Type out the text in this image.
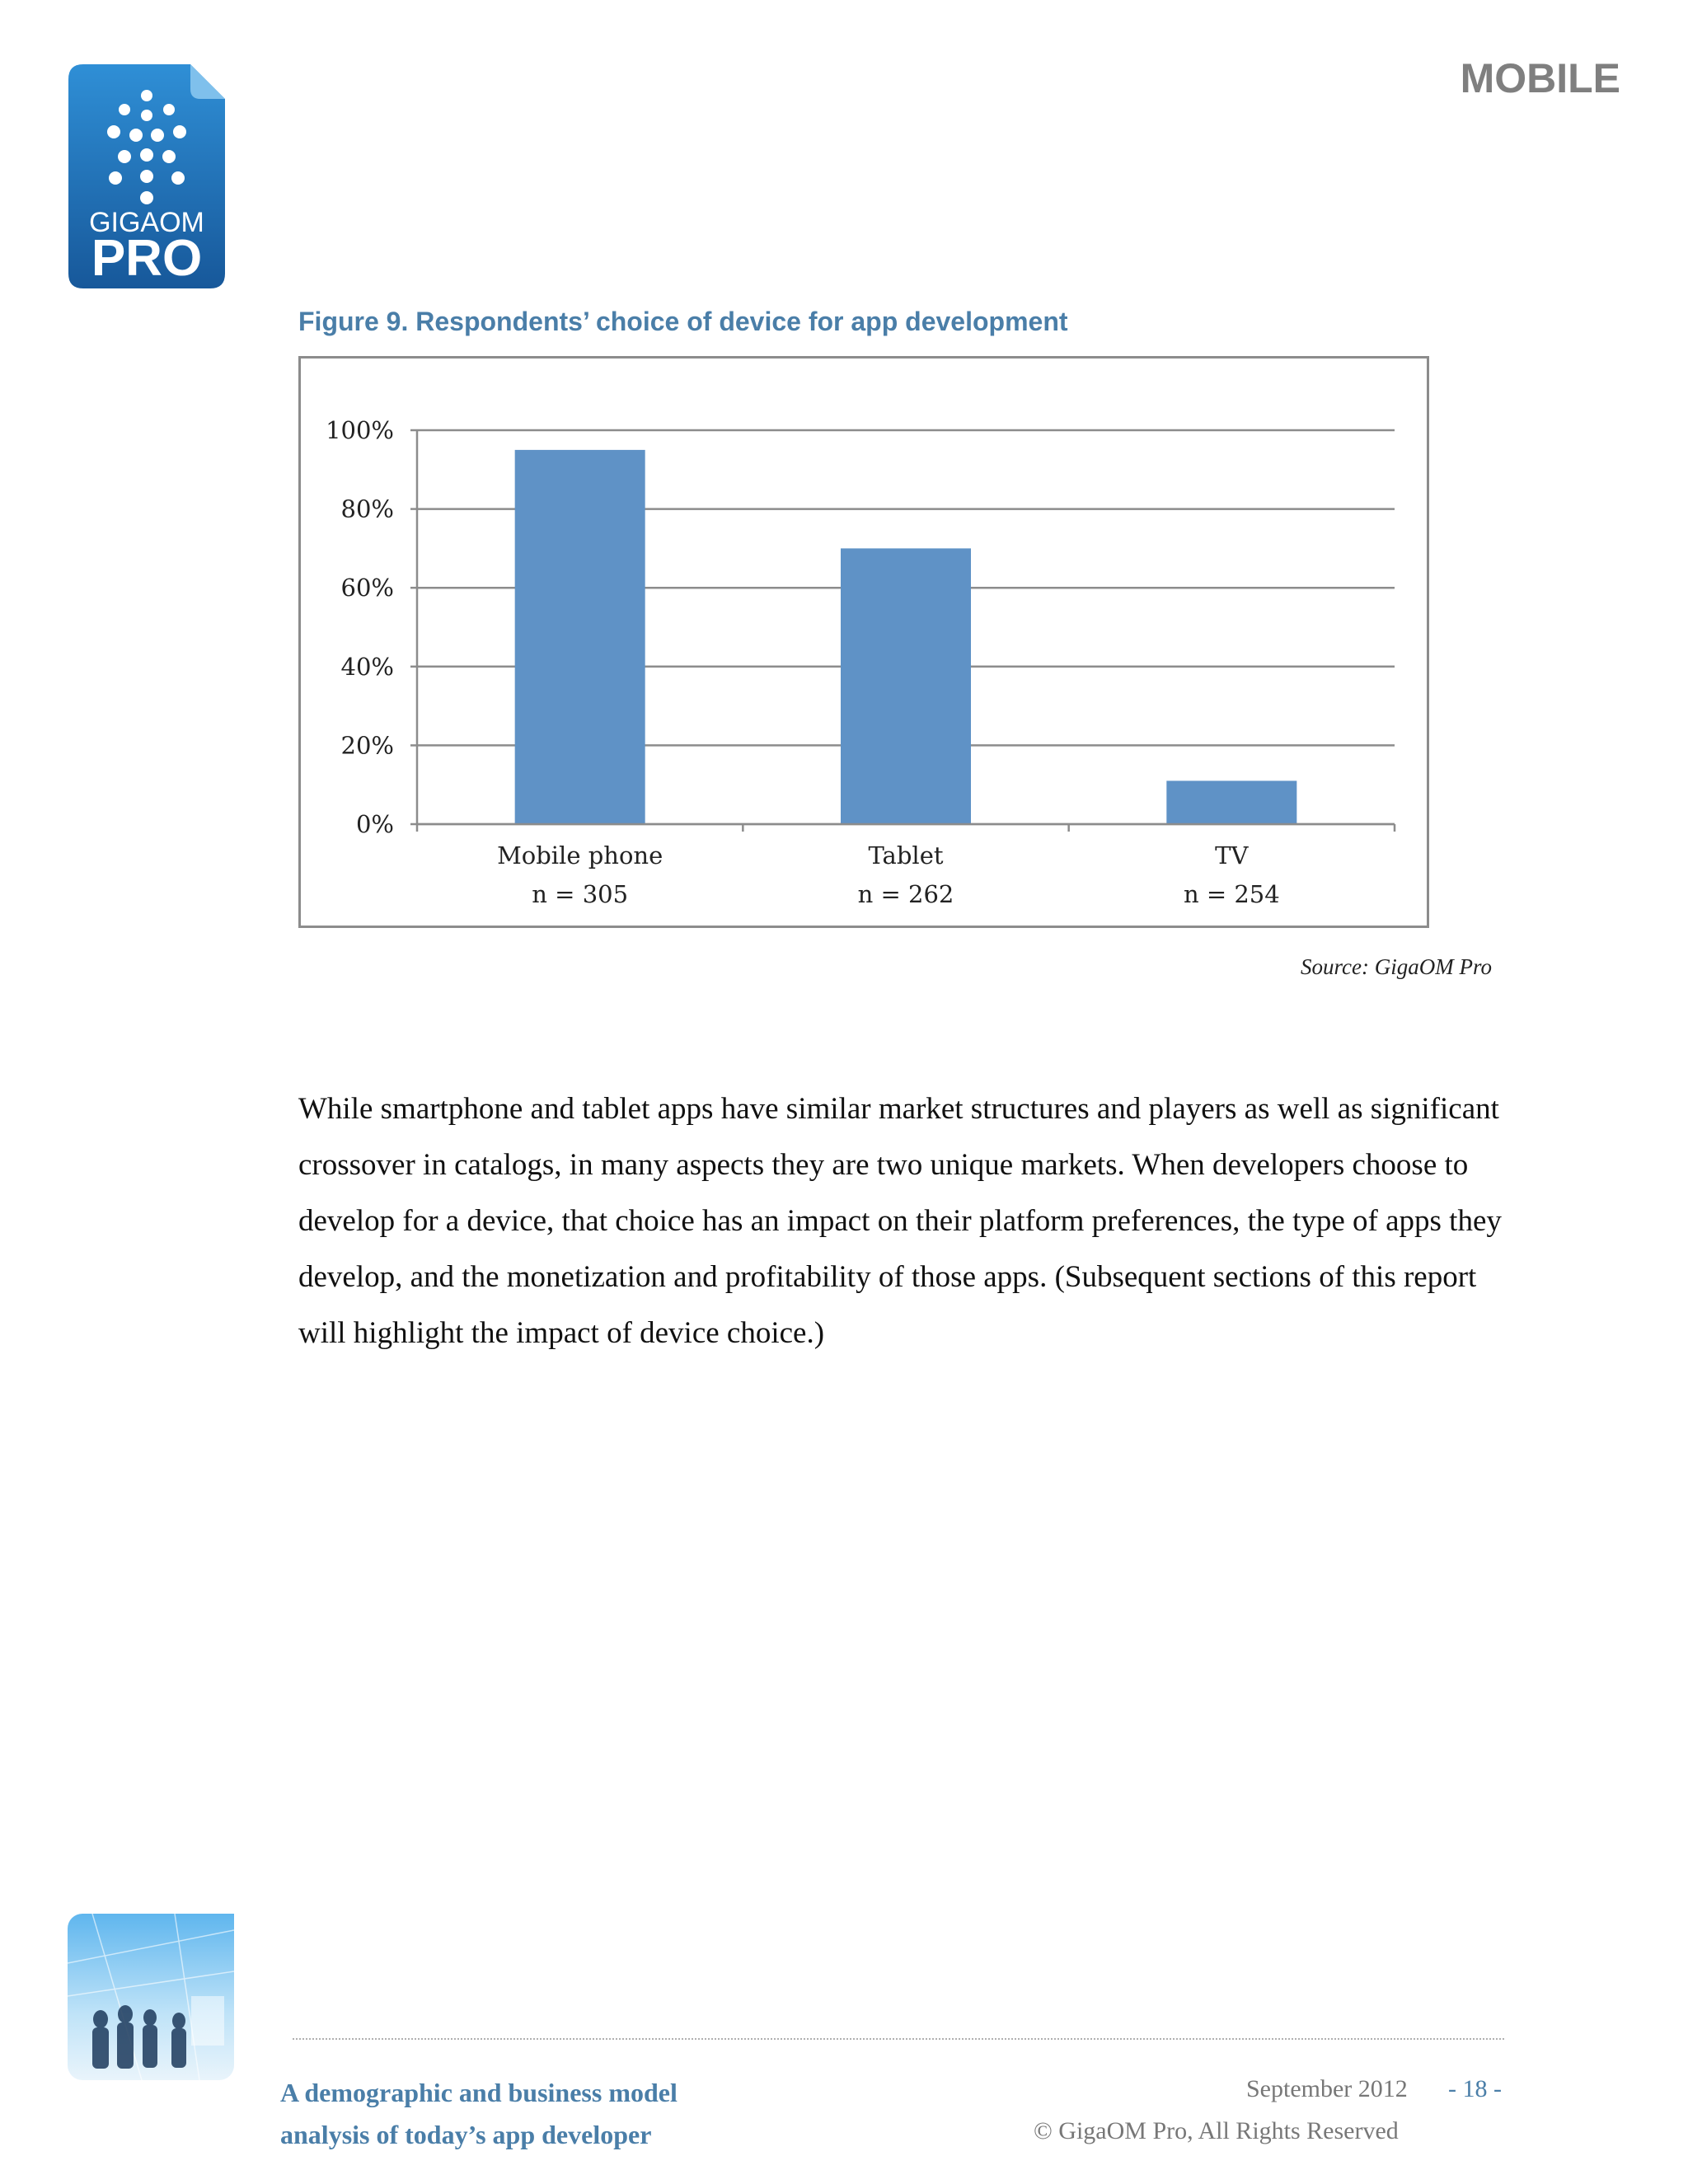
GIGAOM
PRO
MOBILE
Figure 9. Respondents’ choice of device for app development
0%
20%
40%
60%
80%
100%
Mobile phone
n = 305
Tablet
n = 262
TV
n = 254
Source: GigaOM Pro
While smartphone and tablet apps have similar market structures and players as well as significant crossover in catalogs, in many aspects they are two unique markets. When developers choose to develop for a device, that choice has an impact on their platform preferences, the type of apps they develop, and the monetization and profitability of those apps. (Subsequent sections of this report will highlight the impact of device choice.)
A demographic and business model
analysis of today’s app developer
September 2012 - 18 -
© GigaOM Pro, All Rights Reserved
